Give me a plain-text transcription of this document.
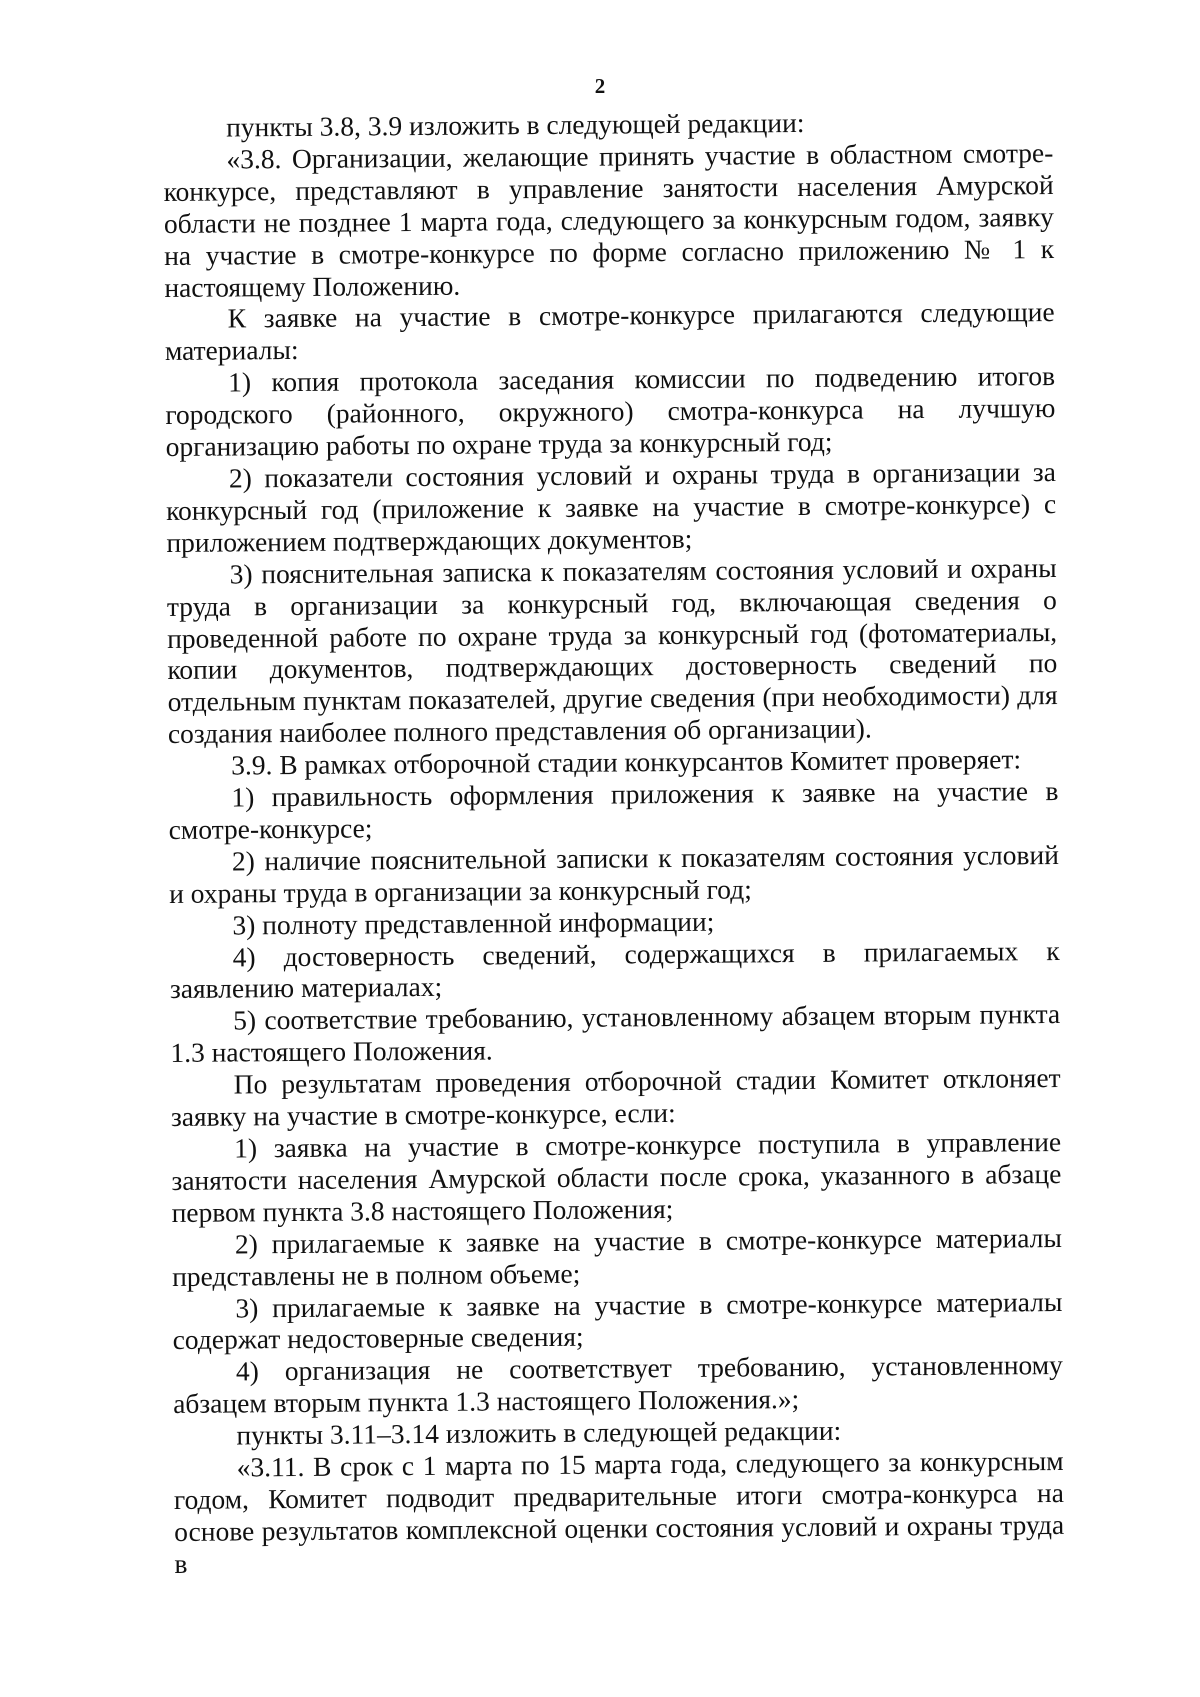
2

пункты 3.8, 3.9 изложить в следующей редакции:

«3.8. Организации, желающие принять участие в областном смотре-конкурсе, представляют в управление занятости населения Амурской области не позднее 1 марта года, следующего за конкурсным годом, заявку на участие в смотре-конкурсе по форме согласно приложению № 1 к настоящему Положению.

К заявке на участие в смотре-конкурсе прилагаются следующие материалы:

1) копия протокола заседания комиссии по подведению итогов городского (районного, окружного) смотра-конкурса на лучшую организацию работы по охране труда за конкурсный год;

2) показатели состояния условий и охраны труда в организации за конкурсный год (приложение к заявке на участие в смотре-конкурсе) с приложением подтверждающих документов;

3) пояснительная записка к показателям состояния условий и охраны труда в организации за конкурсный год, включающая сведения о проведенной работе по охране труда за конкурсный год (фотоматериалы, копии документов, подтверждающих достоверность сведений по отдельным пунктам показателей, другие сведения (при необходимости) для создания наиболее полного представления об организации).

3.9. В рамках отборочной стадии конкурсантов Комитет проверяет:

1) правильность оформления приложения к заявке на участие в смотре-конкурсе;

2) наличие пояснительной записки к показателям состояния условий и охраны труда в организации за конкурсный год;

3) полноту представленной информации;

4) достоверность сведений, содержащихся в прилагаемых к заявлению материалах;

5) соответствие требованию, установленному абзацем вторым пункта 1.3 настоящего Положения.

По результатам проведения отборочной стадии Комитет отклоняет заявку на участие в смотре-конкурсе, если:

1) заявка на участие в смотре-конкурсе поступила в управление занятости населения Амурской области после срока, указанного в абзаце первом пункта 3.8 настоящего Положения;

2) прилагаемые к заявке на участие в смотре-конкурсе материалы представлены не в полном объеме;

3) прилагаемые к заявке на участие в смотре-конкурсе материалы содержат недостоверные сведения;

4) организация не соответствует требованию, установленному абзацем вторым пункта 1.3 настоящего Положения.»;

пункты 3.11–3.14 изложить в следующей редакции:

«3.11. В срок с 1 марта по 15 марта года, следующего за конкурсным годом, Комитет подводит предварительные итоги смотра-конкурса на основе результатов комплексной оценки состояния условий и охраны труда в
